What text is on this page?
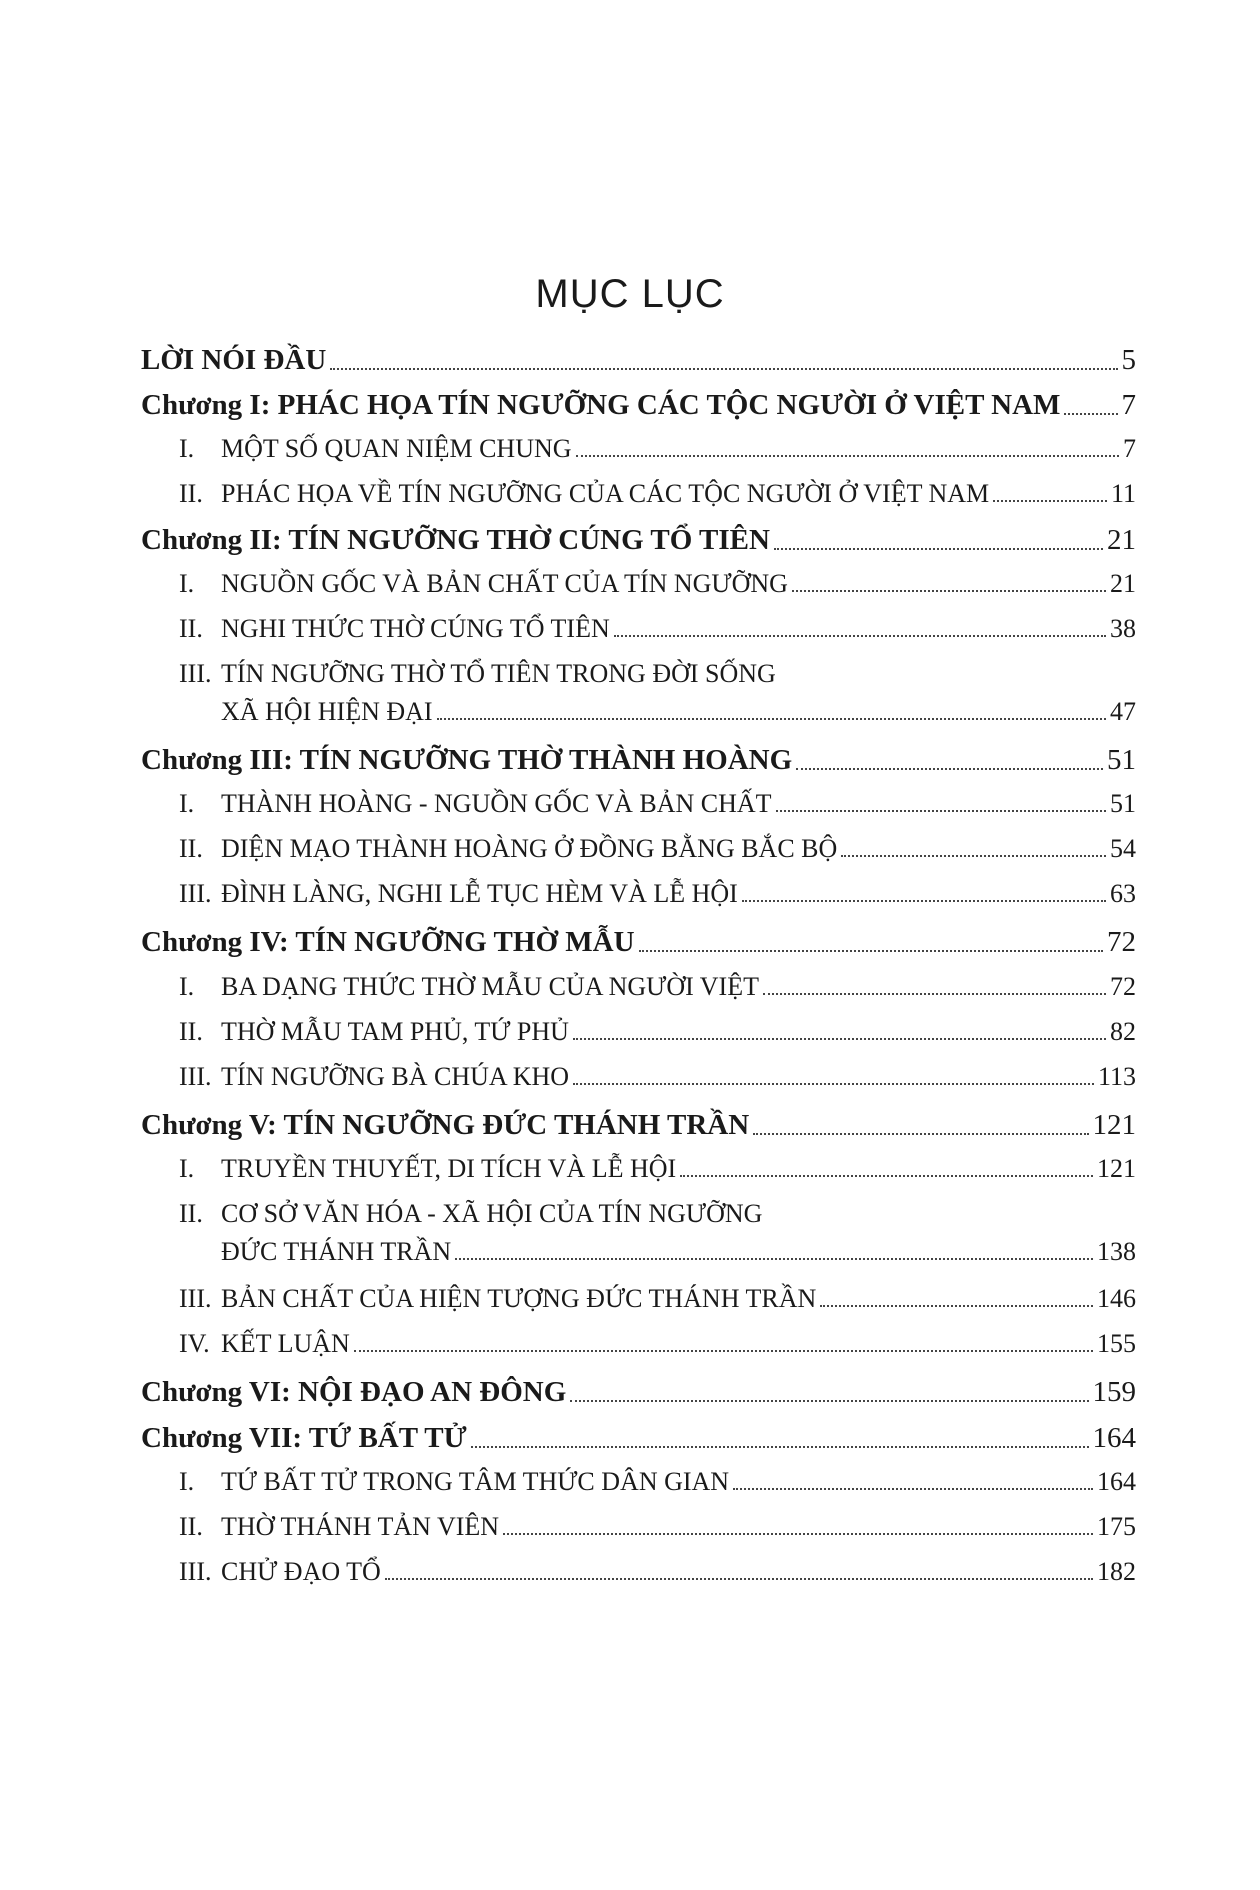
MỤC LỤC
LỜI NÓI ĐẦU	5
Chương I: PHÁC HỌA TÍN NGƯỠNG CÁC TỘC NGƯỜI Ở VIỆT NAM 7
I.	MỘT SỐ QUAN NIỆM CHUNG	7
II. PHÁC HỌA VỀ TÍN NGƯỠNG CỦA CÁC TỘC NGƯỜI Ở VIỆT NAM	11
Chương II: TÍN NGƯỠNG THỜ CÚNG TỔ TIÊN	21
I.	NGUỒN GỐC VÀ BẢN CHẤT CỦA TÍN NGƯỠNG	21
II. NGHI THỨC THỜ CÚNG TỔ TIÊN	38
III. TÍN NGƯỠNG THỜ TỔ TIÊN TRONG ĐỜI SỐNG
XÃ HỘI HIỆN ĐẠI	47
Chương III: TÍN NGƯỠNG THỜ THÀNH HOÀNG	51
I.	THÀNH HOÀNG - NGUỒN GỐC VÀ BẢN CHẤT	51
II. DIỆN MẠO THÀNH HOÀNG Ở ĐỒNG BẰNG BẮC BỘ	54
III. ĐÌNH LÀNG, NGHI LỄ TỤC HÈM VÀ LỄ HỘI	63
Chương IV: TÍN NGƯỠNG THỜ MẪU	72
I.	BA DẠNG THỨC THỜ MẪU CỦA NGƯỜI VIỆT	72
II. THỜ MẪU TAM PHỦ, TỨ PHỦ	82
III. TÍN NGƯỠNG BÀ CHÚA KHO	113
Chương V: TÍN NGƯỠNG ĐỨC THÁNH TRẦN	121
I.	TRUYỀN THUYẾT, DI TÍCH VÀ LỄ HỘI	121
II. CƠ SỞ VĂN HÓA - XÃ HỘI CỦA TÍN NGƯỠNG
ĐỨC THÁNH TRẦN	138
III. BẢN CHẤT CỦA HIỆN TƯỢNG ĐỨC THÁNH TRẦN	146
IV. KẾT LUẬN	155
Chương VI: NỘI ĐẠO AN ĐÔNG	159
Chương VII: TỨ BẤT TỬ	164
I.	TỨ BẤT TỬ TRONG TÂM THỨC DÂN GIAN	164
II. THỜ THÁNH TẢN VIÊN	175
III. CHỬ ĐẠO TỔ	182
